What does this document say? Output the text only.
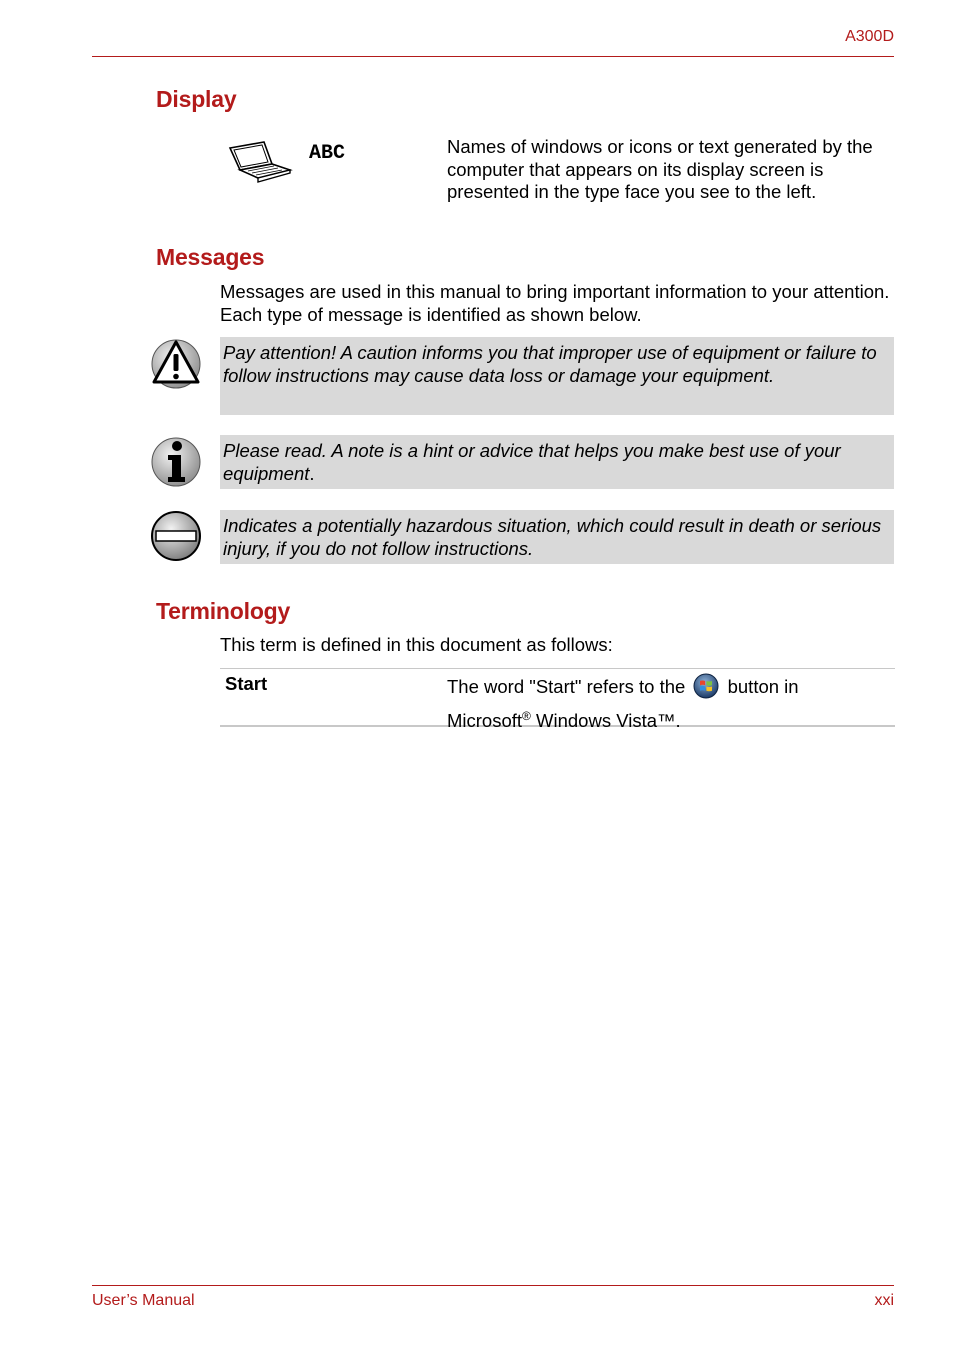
A300D
Display
ABC	Names of windows or icons or text generated by the computer that appears on its display screen is presented in the type face you see to the left.
Messages
Messages are used in this manual to bring important information to your attention. Each type of message is identified as shown below.
Pay attention! A caution informs you that improper use of equipment or failure to follow instructions may cause data loss or damage your equipment.
Please read. A note is a hint or advice that helps you make best use of your equipment.
Indicates a potentially hazardous situation, which could result in death or serious injury, if you do not follow instructions.
Terminology
This term is defined in this document as follows:
Start	The word "Start" refers to the button in
Microsoft® Windows Vista™.
User’s Manual	xxi
